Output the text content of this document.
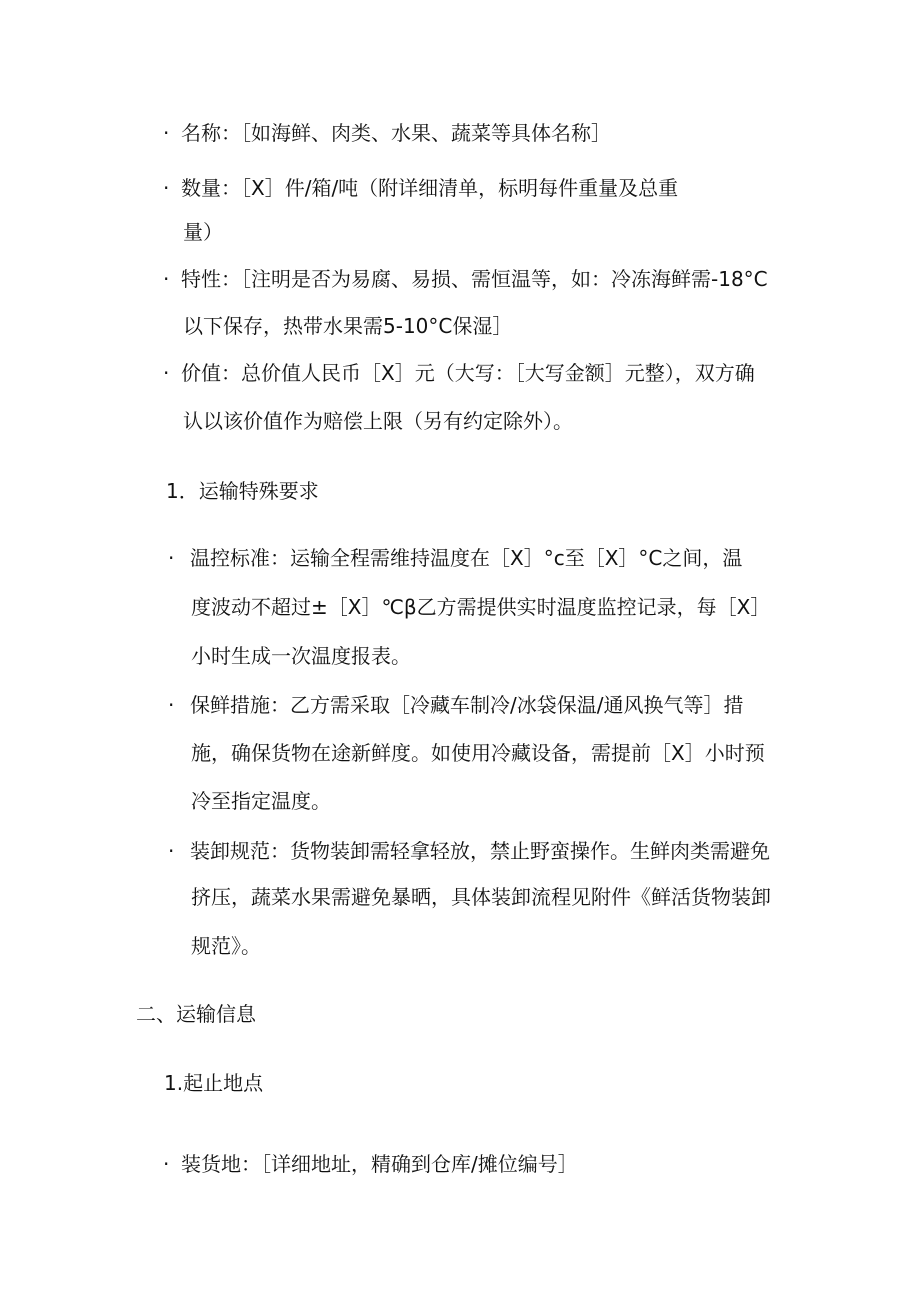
· 名称：［如海鲜、肉类、水果、蔬菜等具体名称］
· 数量：［X］件/箱/吨（附详细清单，标明每件重量及总重
量）
· 特性：［注明是否为易腐、易损、需恒温等，如：冷冻海鲜需-18°C
以下保存，热带水果需5-10°C保湿］
· 价值：总价值人民币［X］元（大写：［大写金额］元整），双方确
认以该价值作为赔偿上限（另有约定除外）。
1．运输特殊要求
· 温控标准：运输全程需维持温度在［X］°c至［X］°C之间，温
度波动不超过±［X］℃β乙方需提供实时温度监控记录，每［X］
小时生成一次温度报表。
· 保鲜措施：乙方需采取［冷藏车制冷/冰袋保温/通风换气等］措
施，确保货物在途新鲜度。如使用冷藏设备，需提前［X］小时预
冷至指定温度。
· 装卸规范：货物装卸需轻拿轻放，禁止野蛮操作。生鲜肉类需避免
挤压，蔬菜水果需避免暴晒，具体装卸流程见附件《鲜活货物装卸
规范》。
二、运输信息
1.起止地点
· 装货地：［详细地址，精确到仓库/摊位编号］
